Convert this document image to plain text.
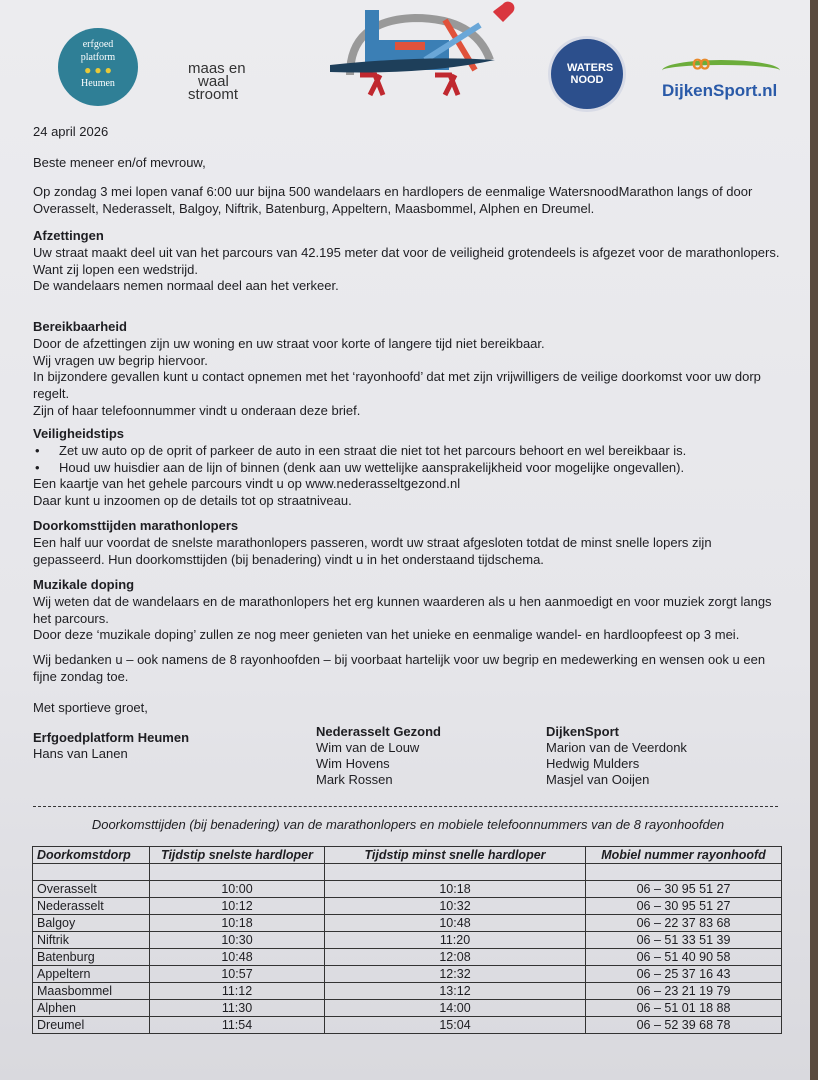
erfgoed
platform
● ● ●
Heumen
maas en
waal
stroomt
WATERS NOOD
ꝏ
DijkenSport.nl
24 april 2026
Beste meneer en/of mevrouw,
Op zondag 3 mei lopen vanaf 6:00 uur bijna 500 wandelaars en hardlopers de eenmalige WatersnoodMarathon langs of door Overasselt, Nederasselt, Balgoy, Niftrik, Batenburg, Appeltern, Maasbommel, Alphen en Dreumel.

Afzettingen

Uw straat maakt deel uit van het parcours van 42.195 meter dat voor de veiligheid grotendeels is afgezet voor de marathonlopers.

Want zij lopen een wedstrijd.

De wandelaars nemen normaal deel aan het verkeer.

Bereikbaarheid

Door de afzettingen zijn uw woning en uw straat voor korte of langere tijd niet bereikbaar.

Wij vragen uw begrip hiervoor.

In bijzondere gevallen kunt u contact opnemen met het ‘rayonhoofd’ dat met zijn vrijwilligers de veilige doorkomst voor uw dorp regelt.

Zijn of haar telefoonnummer vindt u onderaan deze brief.

Veiligheidstips

• Zet uw auto op de oprit of parkeer de auto in een straat die niet tot het parcours behoort en wel bereikbaar is.
• Houd uw huisdier aan de lijn of binnen (denk aan uw wettelijke aansprakelijkheid voor mogelijke ongevallen).

Een kaartje van het gehele parcours vindt u op www.nederasseltgezond.nl

Daar kunt u inzoomen op de details tot op straatniveau.

Doorkomsttijden marathonlopers

Een half uur voordat de snelste marathonlopers passeren, wordt uw straat afgesloten totdat de minst snelle lopers zijn gepasseerd. Hun doorkomsttijden (bij benadering) vindt u in het onderstaand tijdschema.

Muzikale doping

Wij weten dat de wandelaars en de marathonlopers het erg kunnen waarderen als u hen aanmoedigt en voor muziek zorgt langs het parcours.

Door deze ‘muzikale doping’ zullen ze nog meer genieten van het unieke en eenmalige wandel- en hardloopfeest op 3 mei.

Wij bedanken u – ook namens de 8 rayonhoofden – bij voorbaat hartelijk voor uw begrip en medewerking en wensen ook u een fijne zondag toe.
Met sportieve groet,
Erfgoedplatform Heumen
Hans van Lanen
Nederasselt Gezond
Wim van de Louw
Wim Hovens
Mark Rossen
DijkenSport
Marion van de Veerdonk
Hedwig Mulders
Masjel van Ooijen
Doorkomsttijden (bij benadering) van de marathonlopers en mobiele telefoonnummers van de 8 rayonhoofden
Doorkomstdorp	Tijdstip snelste hardloper	Tijdstip minst snelle hardloper	Mobiel nummer rayonhoofd

Overasselt	10:00	10:18	06 – 30 95 51 27
Nederasselt	10:12	10:32	06 – 30 95 51 27
Balgoy	10:18	10:48	06 – 22 37 83 68
Niftrik	10:30	11:20	06 – 51 33 51 39
Batenburg	10:48	12:08	06 – 51 40 90 58
Appeltern	10:57	12:32	06 – 25 37 16 43
Maasbommel	11:12	13:12	06 – 23 21 19 79
Alphen	11:30	14:00	06 – 51 01 18 88
Dreumel	11:54	15:04	06 – 52 39 68 78
